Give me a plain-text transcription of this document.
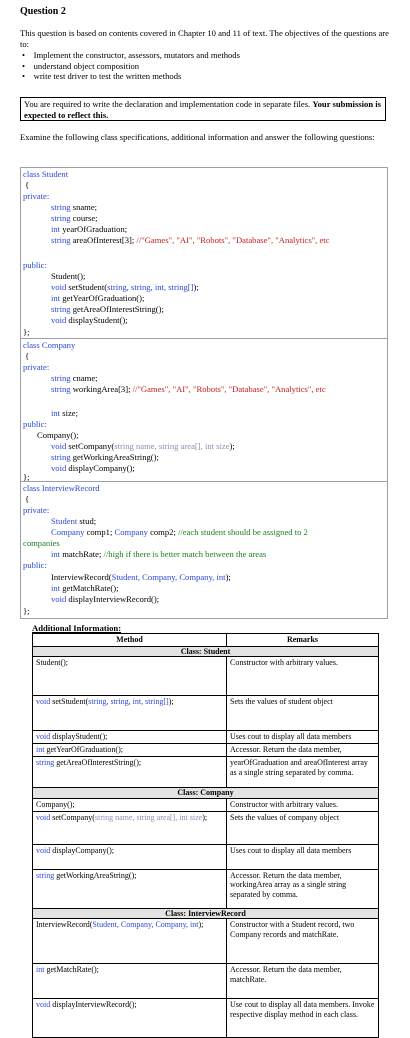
Question 2
This question is based on contents covered in Chapter 10 and 11 of text. The objectives of the questions are to:
•    Implement the constructor, assessors, mutators and methods
•    understand object composition
•    write test driver to test the written methods
You are required to write the declaration and implementation code in separate files. Your submission is expected to reflect this.
Examine the following class specifications, additional information and answer the following questions:
class Student
{
private:
string sname;
string course;
int yearOfGraduation;
string areaOfInterest[3]; //"Games", "AI", "Robots", "Database", "Analytics", etc
public:
Student();
void setStudent(string, string, int, string[]);
int getYearOfGraduation();
string getAreaOfInterestString();
void displayStudent();
};
class Company
{
private:
string cname;
string workingArea[3]; //"Games", "AI", "Robots", "Database", "Analytics", etc
int size;
public:
Company();
void setCompany(string name, string area[], int size);
string getWorkingAreaString();
void displayCompany();
};
class InterviewRecord
{
private:
Student stud;
Company comp1; Company comp2; //each student should be assigned to 2
companies
int matchRate; //high if there is better match between the areas
public:
InterviewRecord(Student, Company, Company, int);
int getMatchRate();
void displayInterviewRecord();
};
Additional Information:
Method	Remarks
Class: Student	
Student();	Constructor with arbitrary values.
void setStudent(string, string, int, string[]);	Sets the values of student object
void displayStudent();	Uses cout to display all data members
int getYearOfGraduation();	Accessor. Return the data member,
string getAreaOfInterestString();	yearOfGraduation and areaOfInterest array as a single string separated by comma.
Class: Company	
Company();	Constructor with arbitrary values.
void setCompany(string name, string area[], int size);	Sets the values of company object
void displayCompany();	Uses cout to display all data members
string getWorkingAreaString();	Accessor. Return the data member, workingArea array as a single string separated by comma.
Class: InterviewRecord	
InterviewRecord(Student, Company, Company, int);	Constructor with a Student record, two Company records and matchRate.
int getMatchRate();	Accessor. Return the data member, matchRate.
void displayInterviewRecord();	Use cout to display all data members. Invoke respective display method in each class.
